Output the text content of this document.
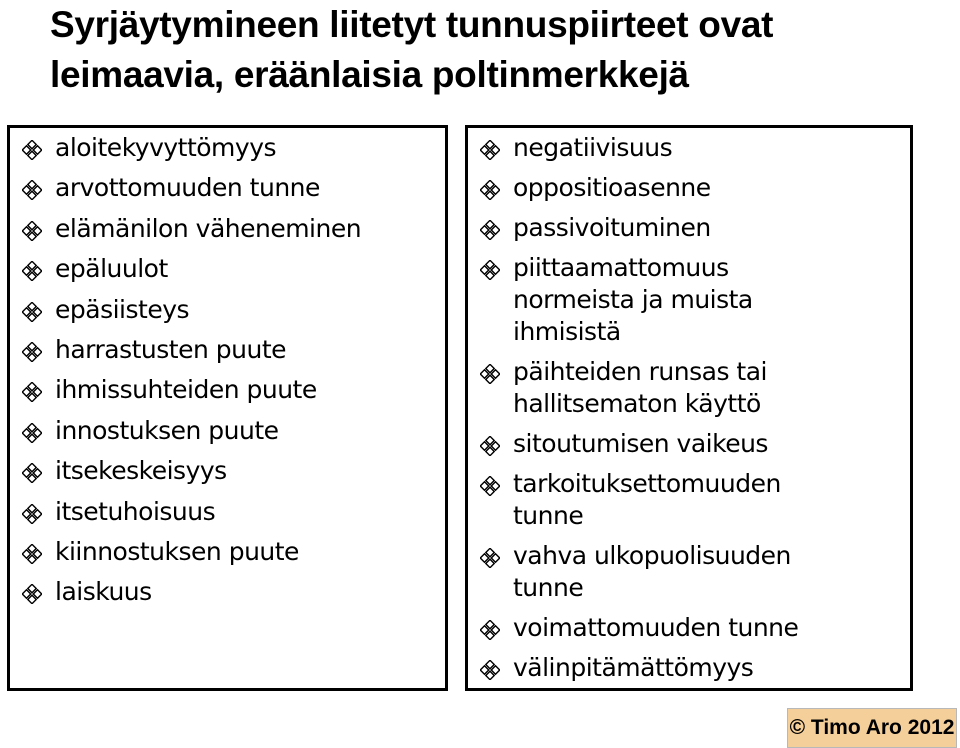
Syrjäytymineen liitetyt tunnuspiirteet ovat
leimaavia, eräänlaisia poltinmerkkejä
aloitekyvyttömyys
arvottomuuden tunne
elämänilon väheneminen
epäluulot
epäsiisteys
harrastusten puute
ihmissuhteiden puute
innostuksen puute
itsekeskeisyys
itsetuhoisuus
kiinnostuksen puute
laiskuus
negatiivisuus
oppositioasenne
passivoituminen
piittaamattomuus
normeista ja muista
ihmisistä
päihteiden runsas tai
hallitsematon käyttö
sitoutumisen vaikeus
tarkoituksettomuuden
tunne
vahva ulkopuolisuuden
tunne
voimattomuuden tunne
välinpitämättömyys
© Timo Aro 2012
